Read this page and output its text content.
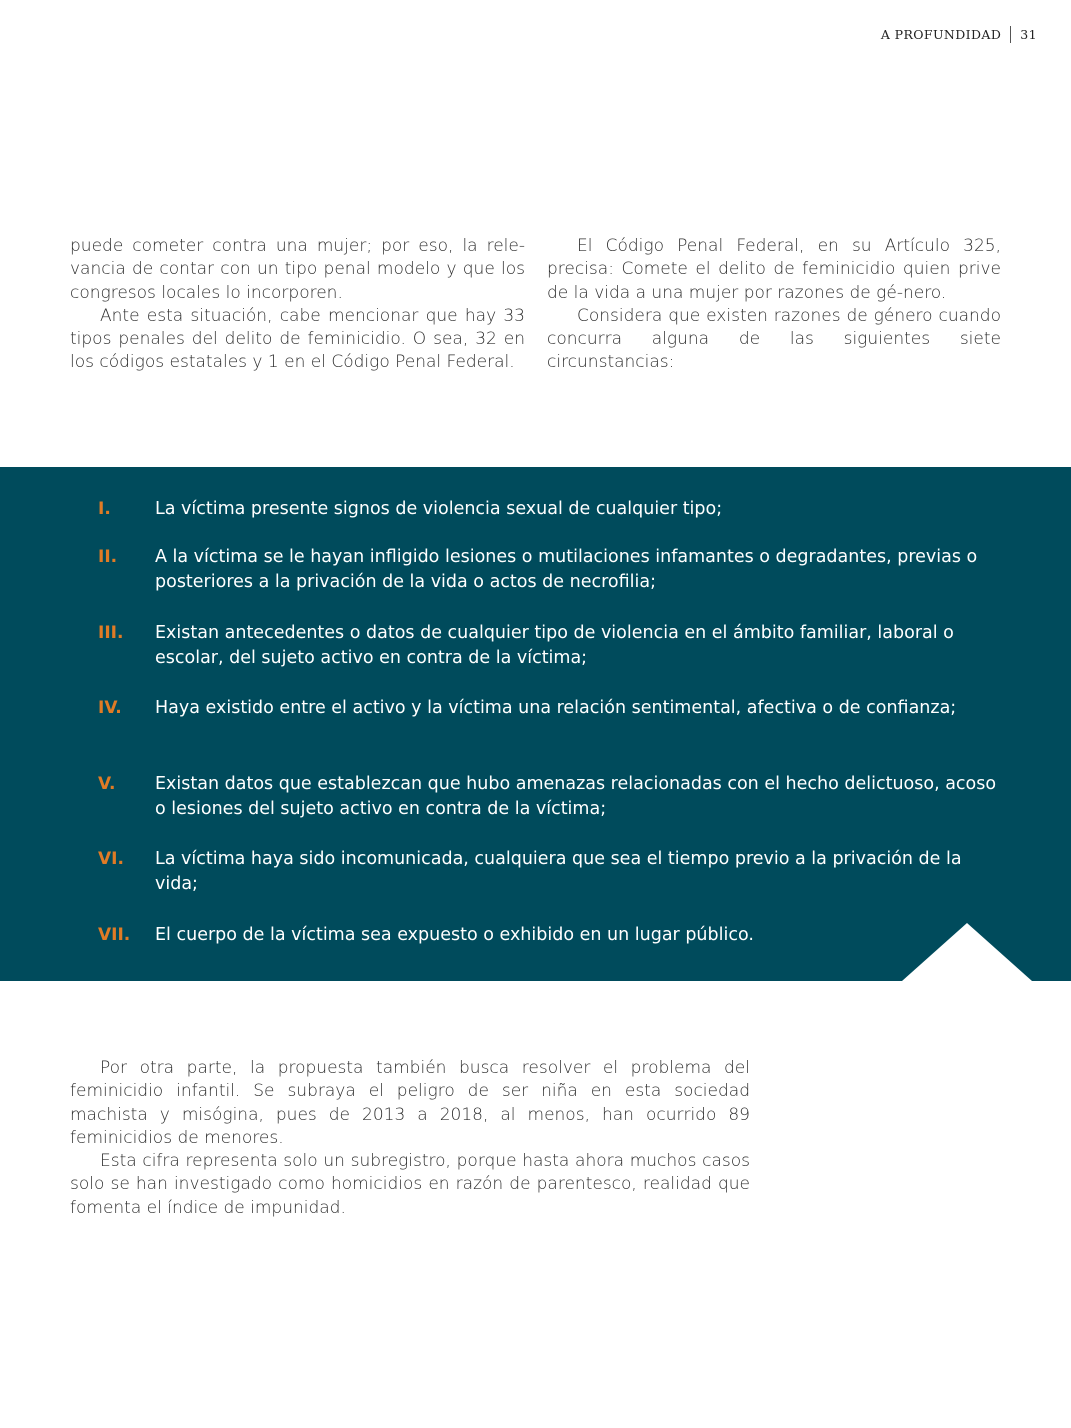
A PROFUNDIDAD 31

puede cometer contra una mujer; por eso, la rele-vancia de contar con un tipo penal modelo y que los congresos locales lo incorporen.

Ante esta situación, cabe mencionar que hay 33 tipos penales del delito de feminicidio. O sea, 32 en los códigos estatales y 1 en el Código Penal Federal.

El Código Penal Federal, en su Artículo 325, precisa: Comete el delito de feminicidio quien prive de la vida a una mujer por razones de gé-nero.

Considera que existen razones de género cuando concurra alguna de las siguientes siete circunstancias:

I.	La víctima presente signos de violencia sexual de cualquier tipo;
II.	A la víctima se le hayan infligido lesiones o mutilaciones infamantes o degradantes, previas o posteriores a la privación de la vida o actos de necrofilia;
III.	Existan antecedentes o datos de cualquier tipo de violencia en el ámbito familiar, laboral o escolar, del sujeto activo en contra de la víctima;
IV.	Haya existido entre el activo y la víctima una relación sentimental, afectiva o de confianza;
V.	Existan datos que establezcan que hubo amenazas relacionadas con el hecho delictuoso, acoso o lesiones del sujeto activo en contra de la víctima;
VI.	La víctima haya sido incomunicada, cualquiera que sea el tiempo previo a la privación de la vida;
VII.	El cuerpo de la víctima sea expuesto o exhibido en un lugar público.

Por otra parte, la propuesta también busca resolver el problema del feminicidio infantil. Se subraya el peligro de ser niña en esta sociedad machista y misógina, pues de 2013 a 2018, al menos, han ocurrido 89 feminicidios de menores.

Esta cifra representa solo un subregistro, porque hasta ahora muchos casos solo se han investigado como homicidios en razón de parentesco, realidad que fomenta el índice de impunidad.
